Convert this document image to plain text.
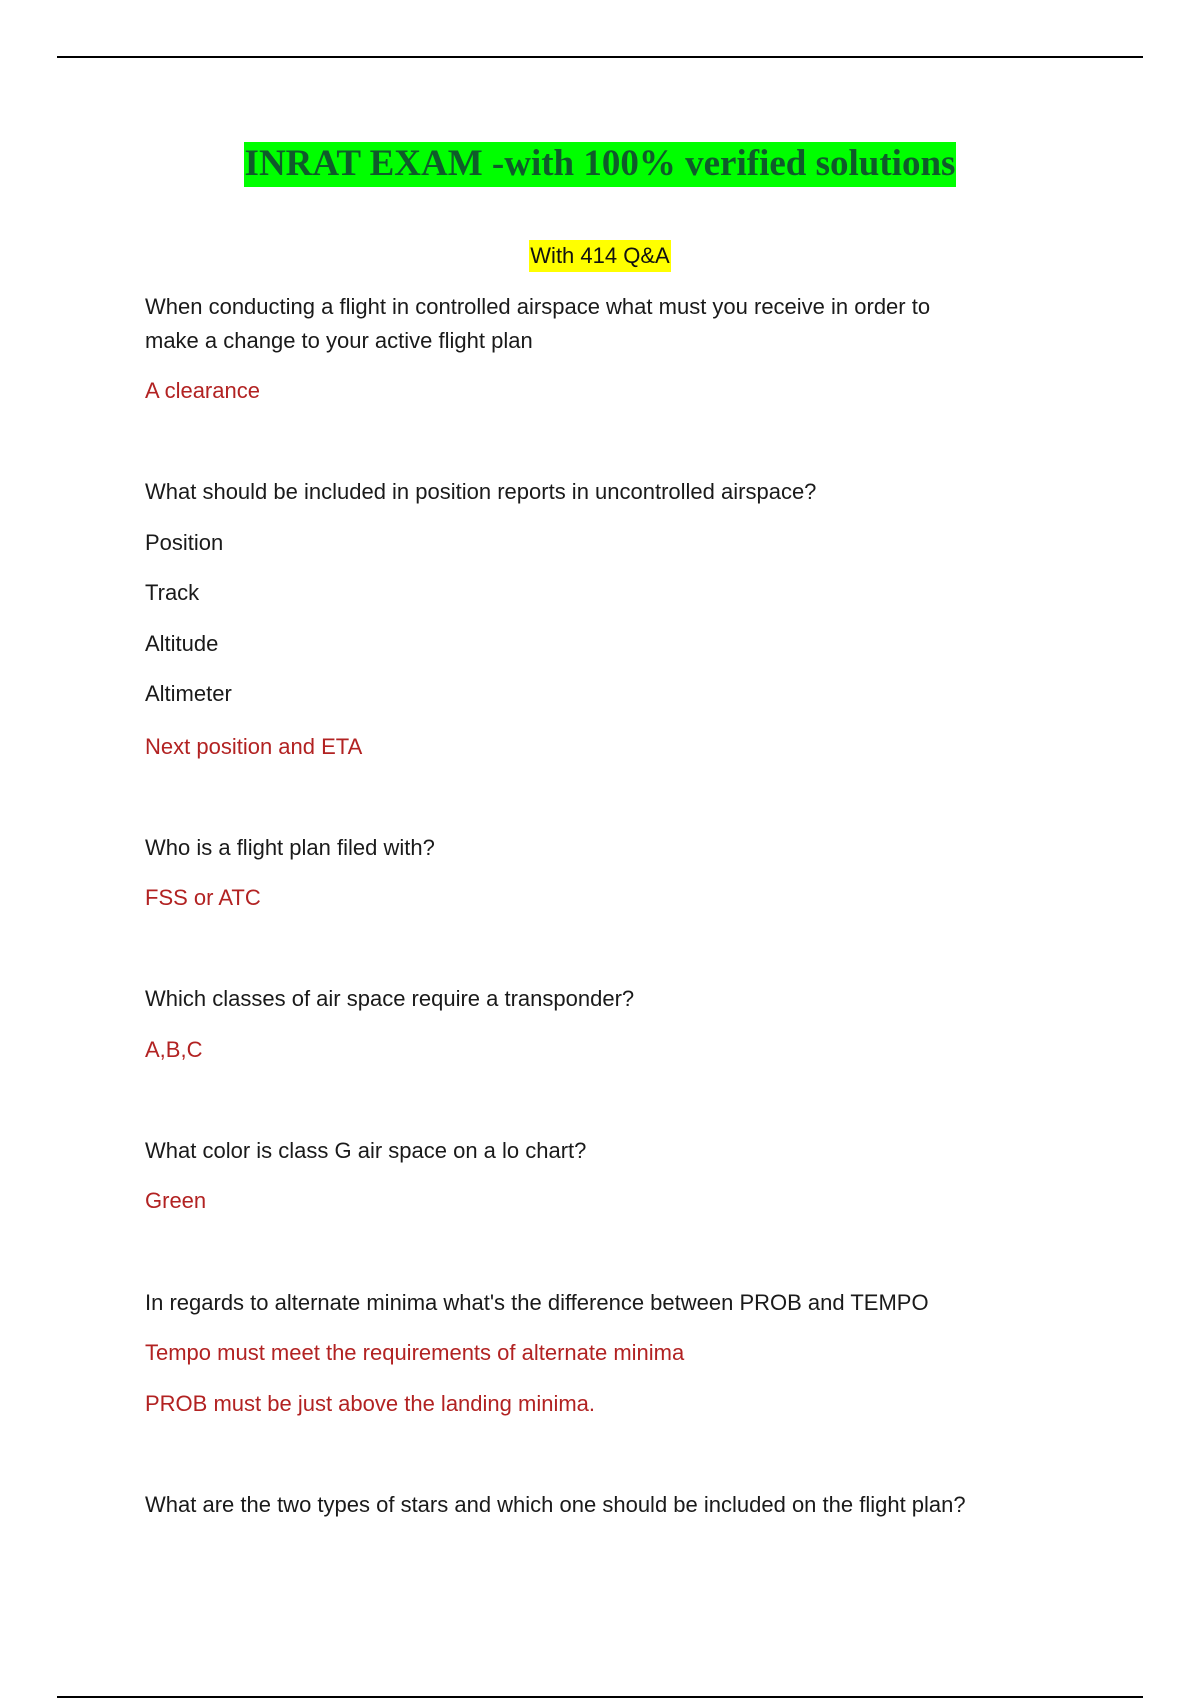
INRAT EXAM -with 100% verified solutions
With 414 Q&A
When conducting a flight in controlled airspace what must you receive in order to
make a change to your active flight plan
A clearance
What should be included in position reports in uncontrolled airspace?
Position
Track
Altitude
Altimeter
Next position and ETA
Who is a flight plan filed with?
FSS or ATC
Which classes of air space require a transponder?
A,B,C
What color is class G air space on a lo chart?
Green
In regards to alternate minima what's the difference between PROB and TEMPO
Tempo must meet the requirements of alternate minima
PROB must be just above the landing minima.
What are the two types of stars and which one should be included on the flight plan?
